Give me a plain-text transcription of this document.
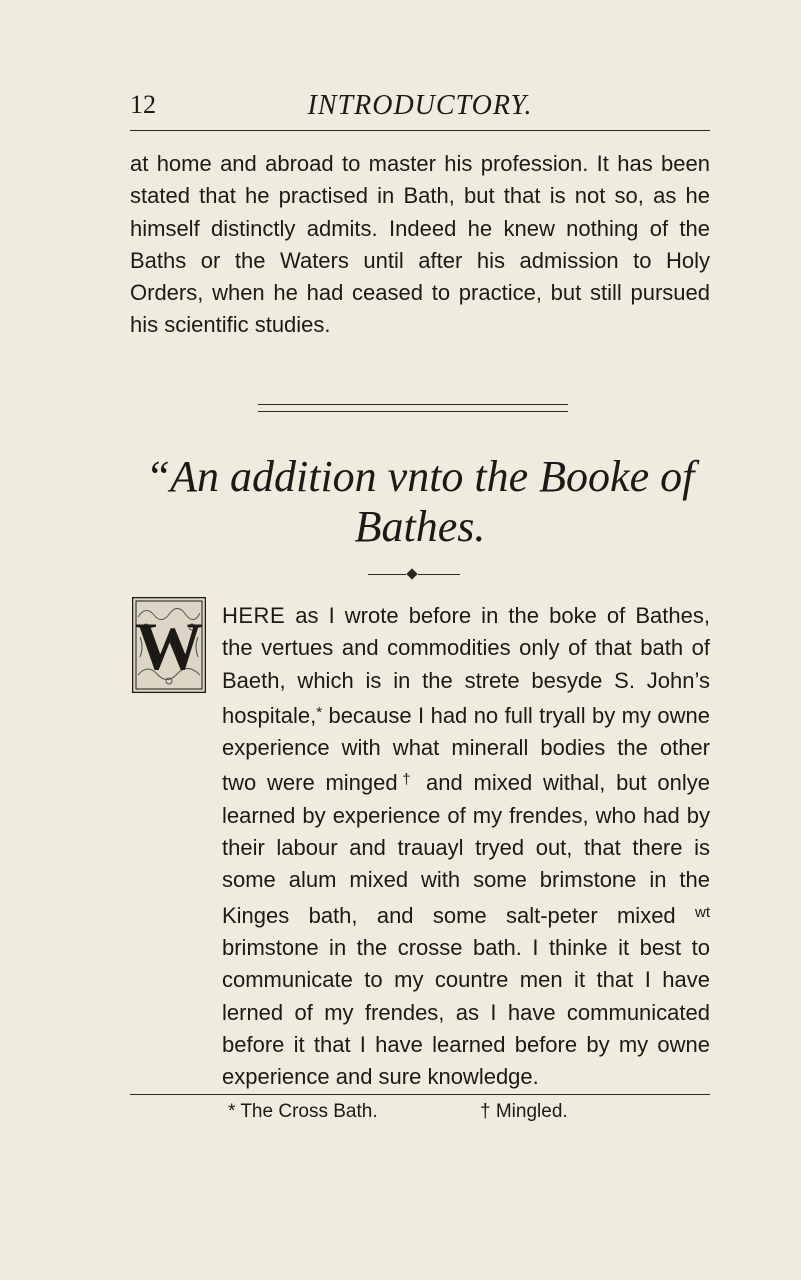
12	INTRODUCTORY.

at home and abroad to master his profession. It has been stated that he practised in Bath, but that is not so, as he himself distinctly admits. Indeed he knew nothing of the Baths or the Waters until after his admission to Holy Orders, when he had ceased to practice, but still pursued his scientific studies.

“An addition vnto the Booke of
Bathes.
W HERE as I wrote before in the boke of Bathes, the vertues and commodities only of that bath of Baeth, which is in the strete besyde S. John’s hospitale,* because I had no full tryall by my owne experience with what minerall bodies the other two were minged† and mixed withal, but onlye learned by experience of my frendes, who had by their labour and trauayl tryed out, that there is some alum mixed with some brimstone in the Kinges bath, and some salt-peter mixed $^{wt}$ brimstone in the crosse bath. I thinke it best to communicate to my countre men it that I have lerned of my frendes, as I have communicated before it that I have learned before by my owne experience and sure knowledge.

* The Cross Bath.	† Mingled.
